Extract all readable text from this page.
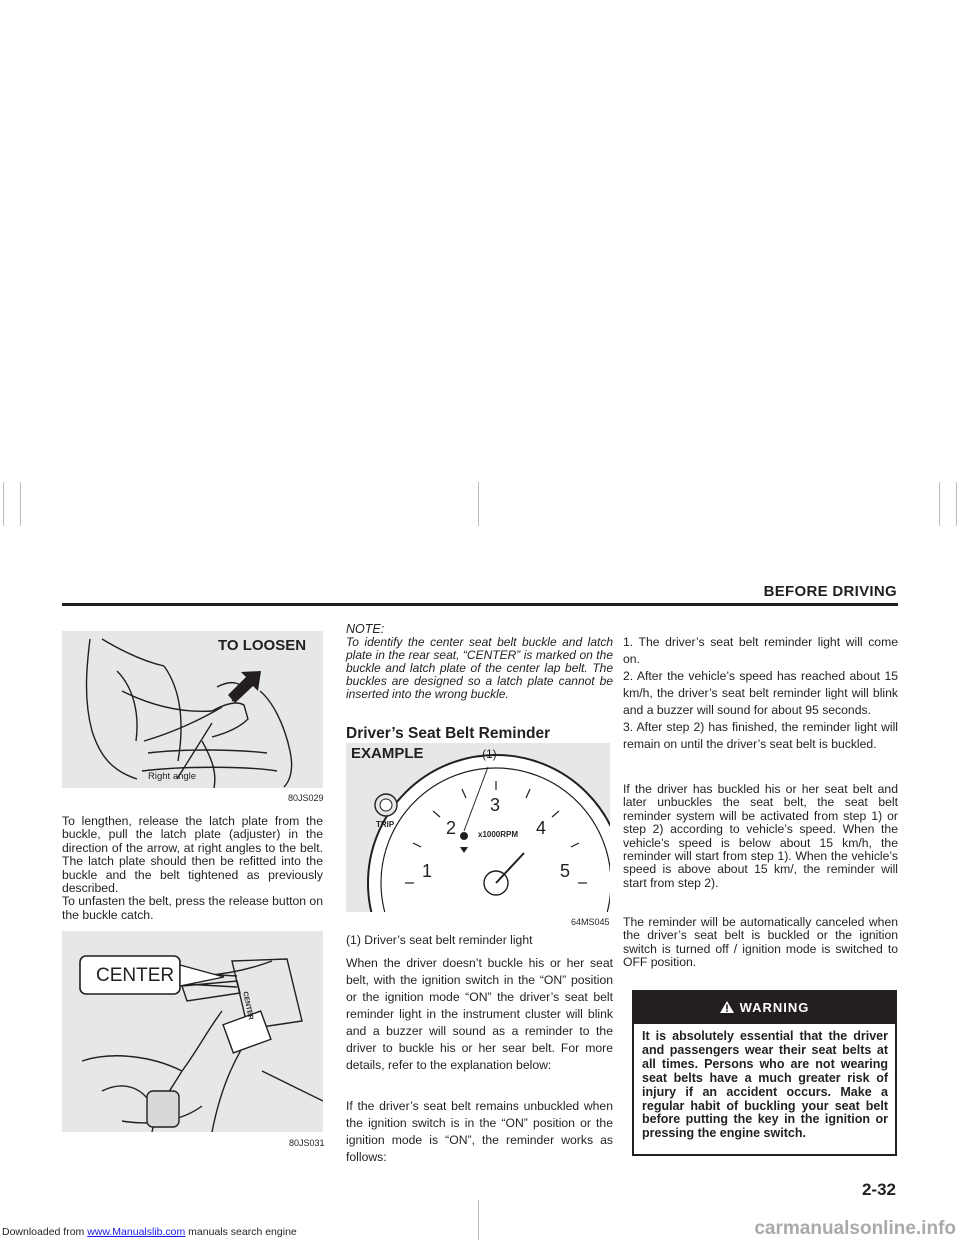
BEFORE DRIVING
TO LOOSEN
Right angle
80JS029

To lengthen, release the latch plate from the buckle, pull the latch plate (adjuster) in the direction of the arrow, at right angles to the belt. The latch plate should then be refitted into the buckle and the belt tightened as previously described.

To unfasten the belt, press the release button on the buckle catch.

CENTER
CENTER
80JS031
NOTE:
To identify the center seat belt buckle and latch plate in the rear seat, “CENTER” is marked on the buckle and latch plate of the center lap belt. The buckles are designed so a latch plate cannot be inserted into the wrong buckle.
Driver’s Seat Belt Reminder
EXAMPLE	(1)
TRIP
x1000RPM
1
2
3
4
5
64MS045
(1) Driver’s seat belt reminder light
When the driver doesn’t buckle his or her seat belt, with the ignition switch in the “ON” position or the ignition mode “ON” the driver’s seat belt reminder light in the instrument cluster will blink and a buzzer will sound as a reminder to the driver to buckle his or her sear belt. For more details, refer to the explanation below:
If the driver’s seat belt remains unbuckled when the ignition switch is in the “ON” position or the ignition mode is “ON”, the reminder works as follows:
1. The driver’s seat belt reminder light will come on.
2. After the vehicle’s speed has reached about 15 km/h, the driver’s seat belt reminder light will blink and a buzzer will sound for about 95 seconds.
3. After step 2) has finished, the reminder light will remain on until the driver’s seat belt is buckled.
If the driver has buckled his or her seat belt and later unbuckles the seat belt, the seat belt reminder system will be activated from step 1) or step 2) according to vehicle’s speed. When the vehicle’s speed is below about 15 km/h, the reminder will start from step 1). When the vehicle’s speed is above about 15 km/, the reminder will start from step 2).
The reminder will be automatically canceled when the driver’s seat belt is buckled or the ignition switch is turned off / ignition mode is switched to OFF position.
WARNING
It is absolutely essential that the driver and passengers wear their seat belts at all times. Persons who are not wearing seat belts have a much greater risk of injury if an accident occurs. Make a regular habit of buckling your seat belt before putting the key in the ignition or pressing the engine switch.
2-32
Downloaded from www.Manualslib.com manuals search engine	carmanualsonline.info
